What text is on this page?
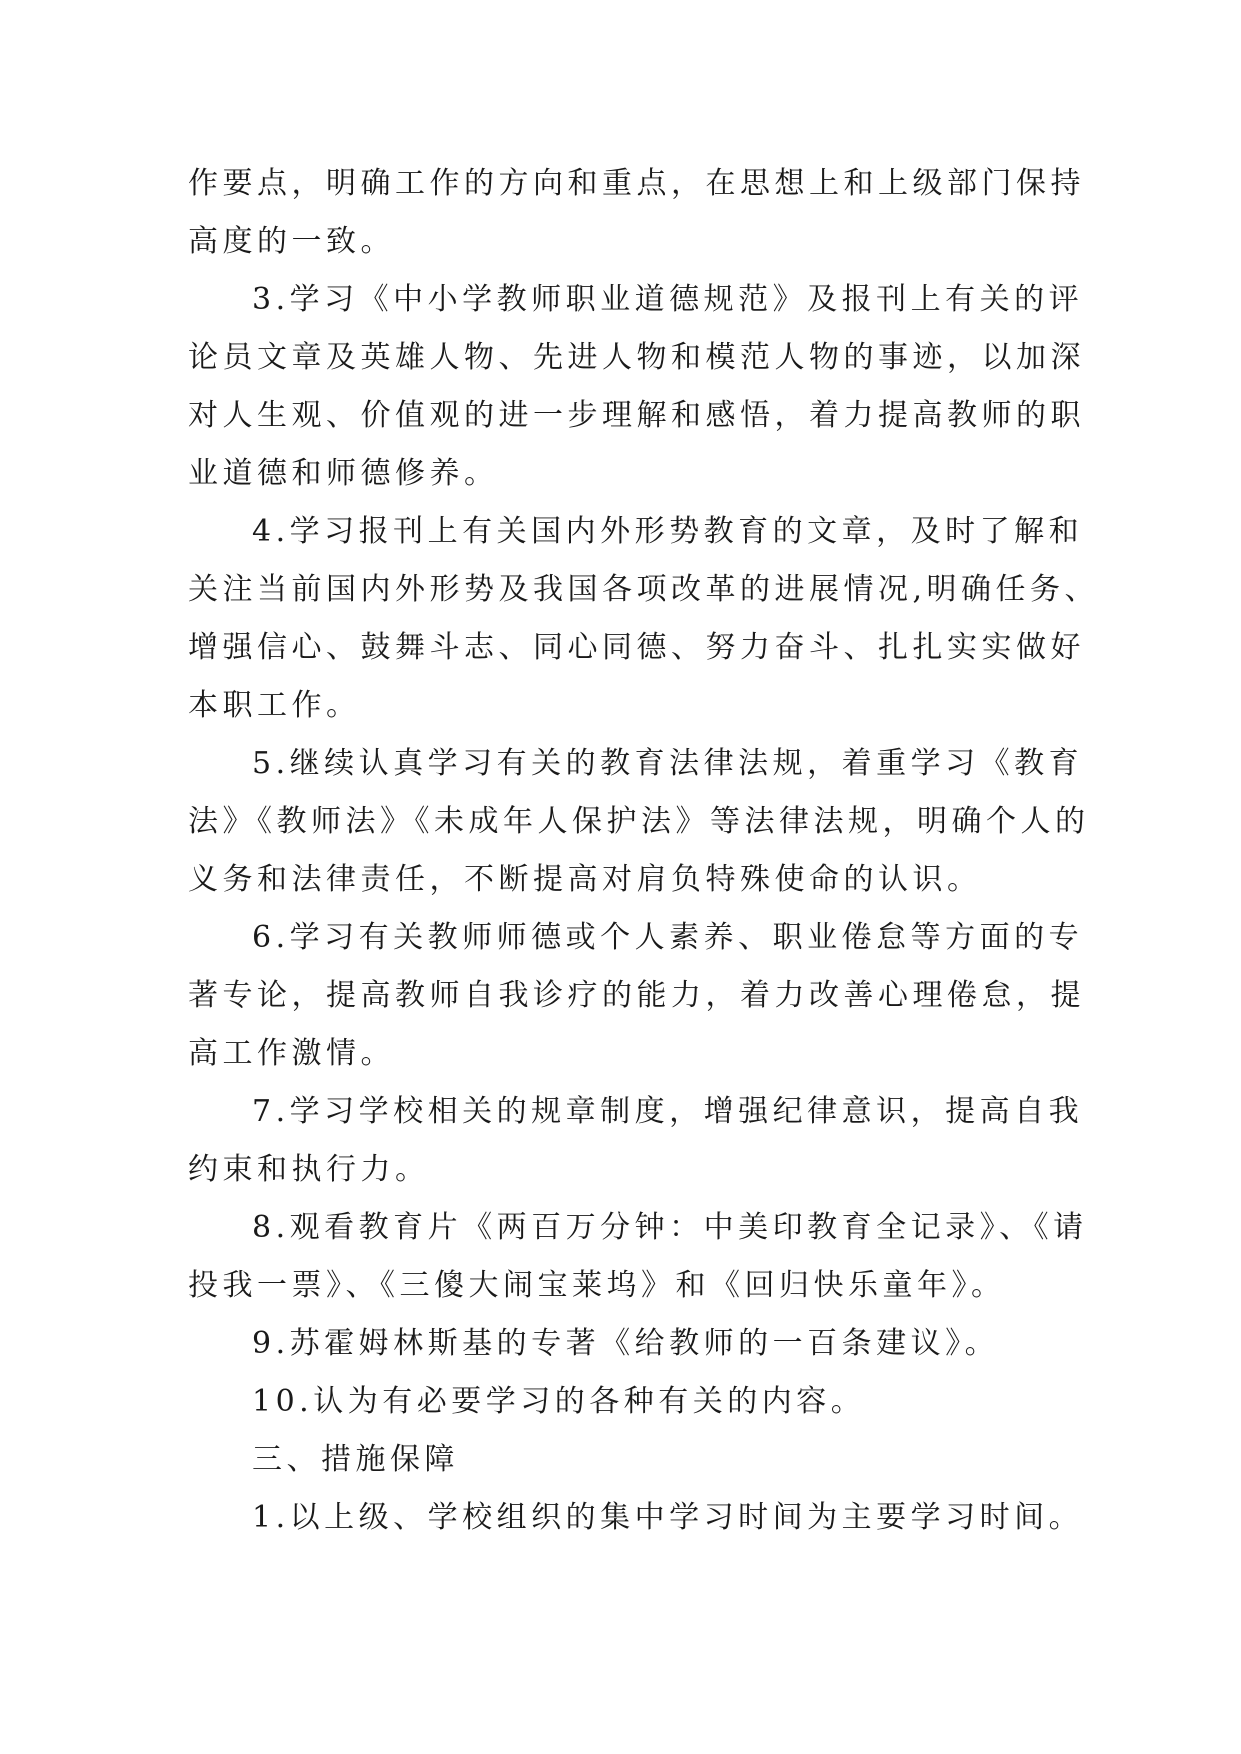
作要点，明确工作的方向和重点，在思想上和上级部门保持
高度的一致。

3.学习《中小学教师职业道德规范》及报刊上有关的评
论员文章及英雄人物、先进人物和模范人物的事迹，以加深
对人生观、价值观的进一步理解和感悟，着力提高教师的职
业道德和师德修养。

4.学习报刊上有关国内外形势教育的文章，及时了解和
关注当前国内外形势及我国各项改革的进展情况,明确任务、
增强信心、鼓舞斗志、同心同德、努力奋斗、扎扎实实做好
本职工作。

5.继续认真学习有关的教育法律法规，着重学习《教育
法》《教师法》《未成年人保护法》等法律法规，明确个人的
义务和法律责任，不断提高对肩负特殊使命的认识。

6.学习有关教师师德或个人素养、职业倦怠等方面的专
著专论，提高教师自我诊疗的能力，着力改善心理倦怠，提
高工作激情。

7.学习学校相关的规章制度，增强纪律意识，提高自我
约束和执行力。

8.观看教育片《两百万分钟：中美印教育全记录》、《请
投我一票》、《三傻大闹宝莱坞》和《回归快乐童年》。

9.苏霍姆林斯基的专著《给教师的一百条建议》。

10.认为有必要学习的各种有关的内容。

三、措施保障

1.以上级、学校组织的集中学习时间为主要学习时间。
